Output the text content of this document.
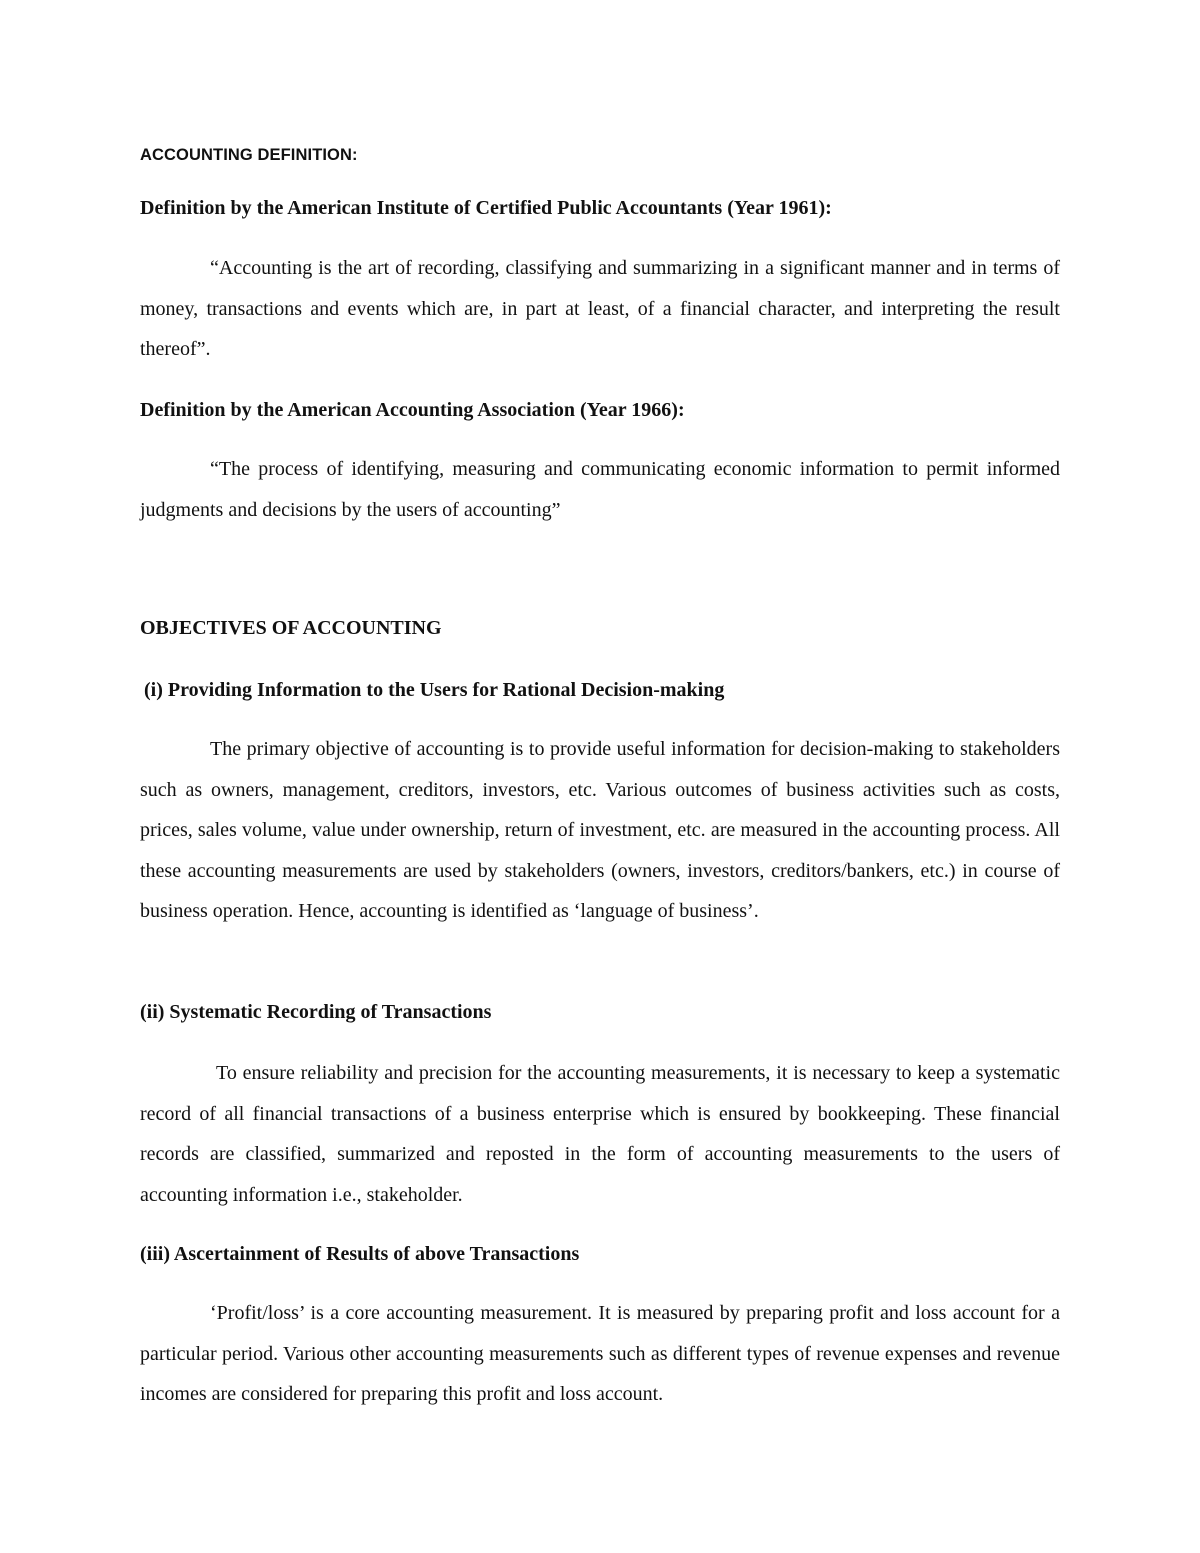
ACCOUNTING DEFINITION:

Definition by the American Institute of Certified Public Accountants (Year 1961):

“Accounting is the art of recording, classifying and summarizing in a significant manner and in terms of money, transactions and events which are, in part at least, of a financial character, and interpreting the result thereof”.

Definition by the American Accounting Association (Year 1966):

“The process of identifying, measuring and communicating economic information to permit informed judgments and decisions by the users of accounting”

OBJECTIVES OF ACCOUNTING

(i) Providing Information to the Users for Rational Decision-making

The primary objective of accounting is to provide useful information for decision-making to stakeholders such as owners, management, creditors, investors, etc. Various outcomes of business activities such as costs, prices, sales volume, value under ownership, return of investment, etc. are measured in the accounting process. All these accounting measurements are used by stakeholders (owners, investors, creditors/bankers, etc.) in course of business operation. Hence, accounting is identified as ‘language of business’.

(ii) Systematic Recording of Transactions

To ensure reliability and precision for the accounting measurements, it is necessary to keep a systematic record of all financial transactions of a business enterprise which is ensured by bookkeeping. These financial records are classified, summarized and reposted in the form of accounting measurements to the users of accounting information i.e., stakeholder.

(iii) Ascertainment of Results of above Transactions

‘Profit/loss’ is a core accounting measurement. It is measured by preparing profit and loss account for a particular period. Various other accounting measurements such as different types of revenue expenses and revenue incomes are considered for preparing this profit and loss account.
